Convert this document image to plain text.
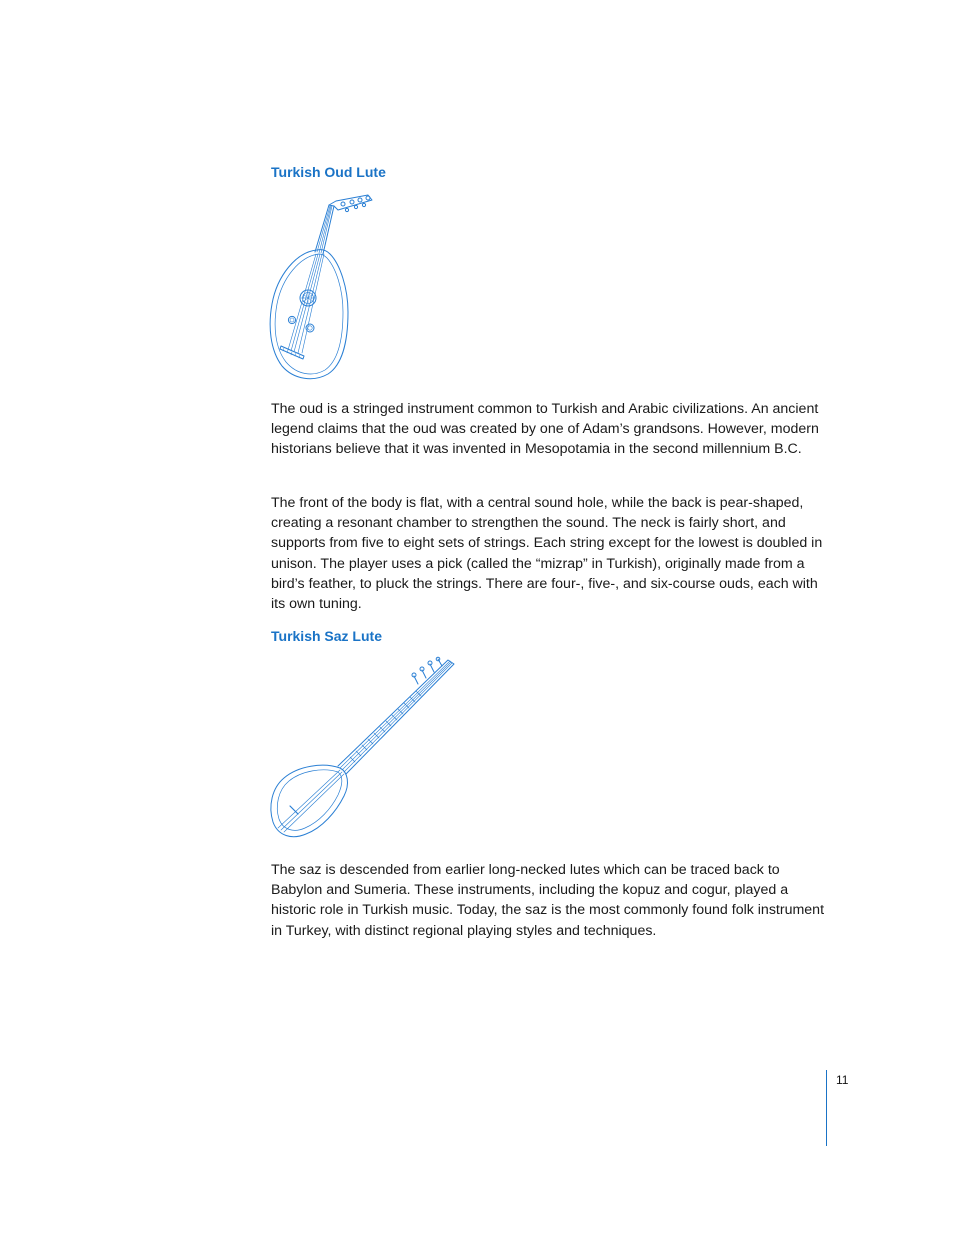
Turkish Oud Lute

The oud is a stringed instrument common to Turkish and Arabic civilizations. An ancient legend claims that the oud was created by one of Adam’s grandsons. However, modern historians believe that it was invented in Mesopotamia in the second millennium B.C.

The front of the body is flat, with a central sound hole, while the back is pear-shaped, creating a resonant chamber to strengthen the sound. The neck is fairly short, and supports from five to eight sets of strings. Each string except for the lowest is doubled in unison. The player uses a pick (called the “mizrap” in Turkish), originally made from a bird’s feather, to pluck the strings. There are four-, five-, and six-course ouds, each with its own tuning.

Turkish Saz Lute

The saz is descended from earlier long-necked lutes which can be traced back to Babylon and Sumeria. These instruments, including the kopuz and cogur, played a historic role in Turkish music. Today, the saz is the most commonly found folk instrument in Turkey, with distinct regional playing styles and techniques.

11
